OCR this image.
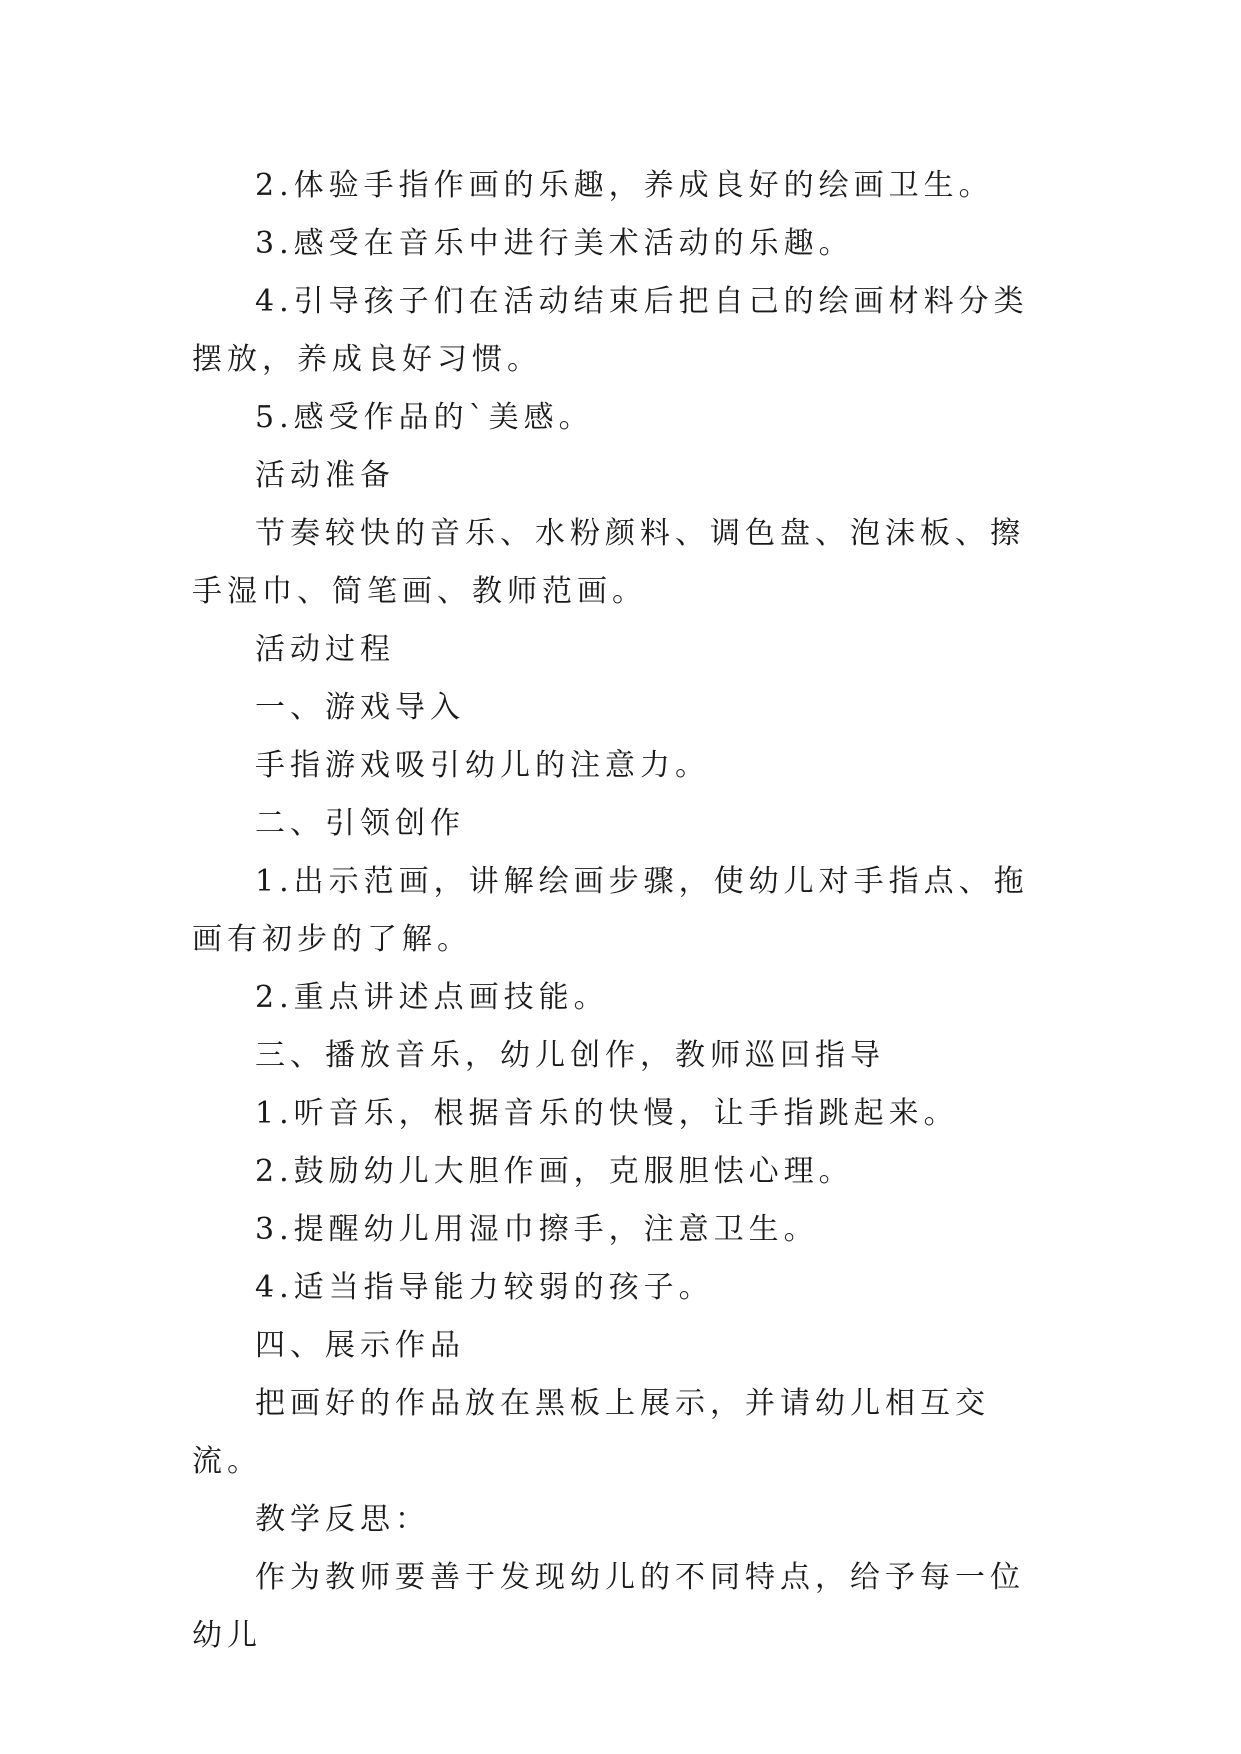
2.体验手指作画的乐趣，养成良好的绘画卫生。

3.感受在音乐中进行美术活动的乐趣。

4.引导孩子们在活动结束后把自己的绘画材料分类摆放，养成良好习惯。

5.感受作品的`美感。

活动准备

节奏较快的音乐、水粉颜料、调色盘、泡沫板、擦手湿巾、简笔画、教师范画。

活动过程

一、游戏导入

手指游戏吸引幼儿的注意力。

二、引领创作

1.出示范画，讲解绘画步骤，使幼儿对手指点、拖画有初步的了解。

2.重点讲述点画技能。

三、播放音乐，幼儿创作，教师巡回指导

1.听音乐，根据音乐的快慢，让手指跳起来。

2.鼓励幼儿大胆作画，克服胆怯心理。

3.提醒幼儿用湿巾擦手，注意卫生。

4.适当指导能力较弱的孩子。

四、展示作品

把画好的作品放在黑板上展示，并请幼儿相互交流。

教学反思：

作为教师要善于发现幼儿的不同特点，给予每一位幼儿
